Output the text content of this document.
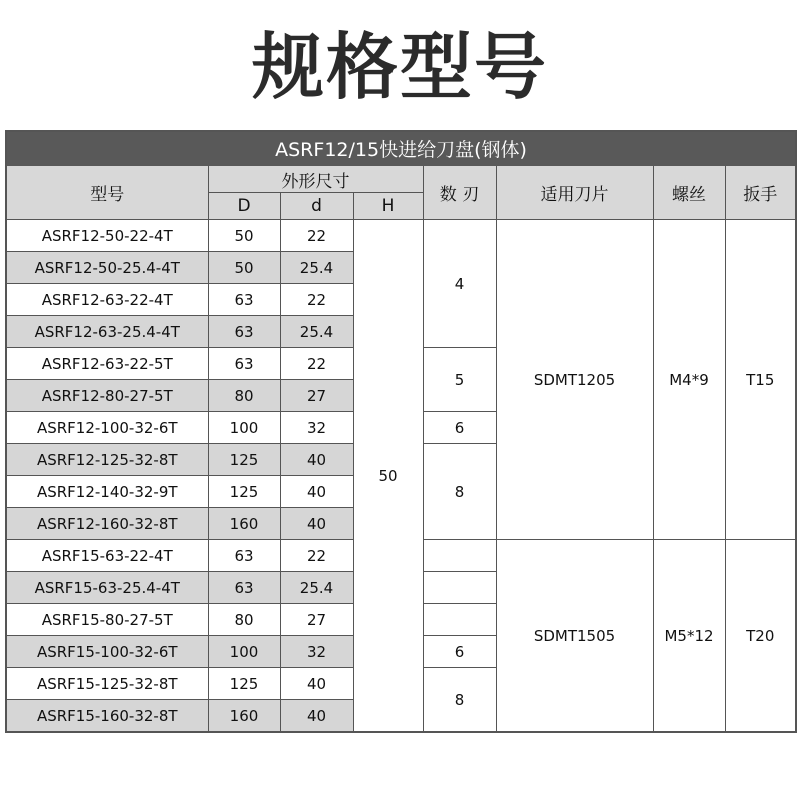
规格型号
ASRF12/15快进给刀盘(钢体)							
型号	外形尺寸			数 刃	适用刀片	螺丝	扳手
	D	d	H				
ASRF12-50-22-4T	50	22	50	4	SDMT1205	M4*9	T15
ASRF12-50-25.4-4T	50	25.4					
ASRF12-63-22-4T	63	22					
ASRF12-63-25.4-4T	63	25.4					
ASRF12-63-22-5T	63	22		5			
ASRF12-80-27-5T	80	27					
ASRF12-100-32-6T	100	32		6			
ASRF12-125-32-8T	125	40		8			
ASRF12-140-32-9T	125	40					
ASRF12-160-32-8T	160	40					
ASRF15-63-22-4T	63	22			SDMT1505	M5*12	T20
ASRF15-63-25.4-4T	63	25.4					
ASRF15-80-27-5T	80	27					
ASRF15-100-32-6T	100	32		6			
ASRF15-125-32-8T	125	40		8			
ASRF15-160-32-8T	160	40					
